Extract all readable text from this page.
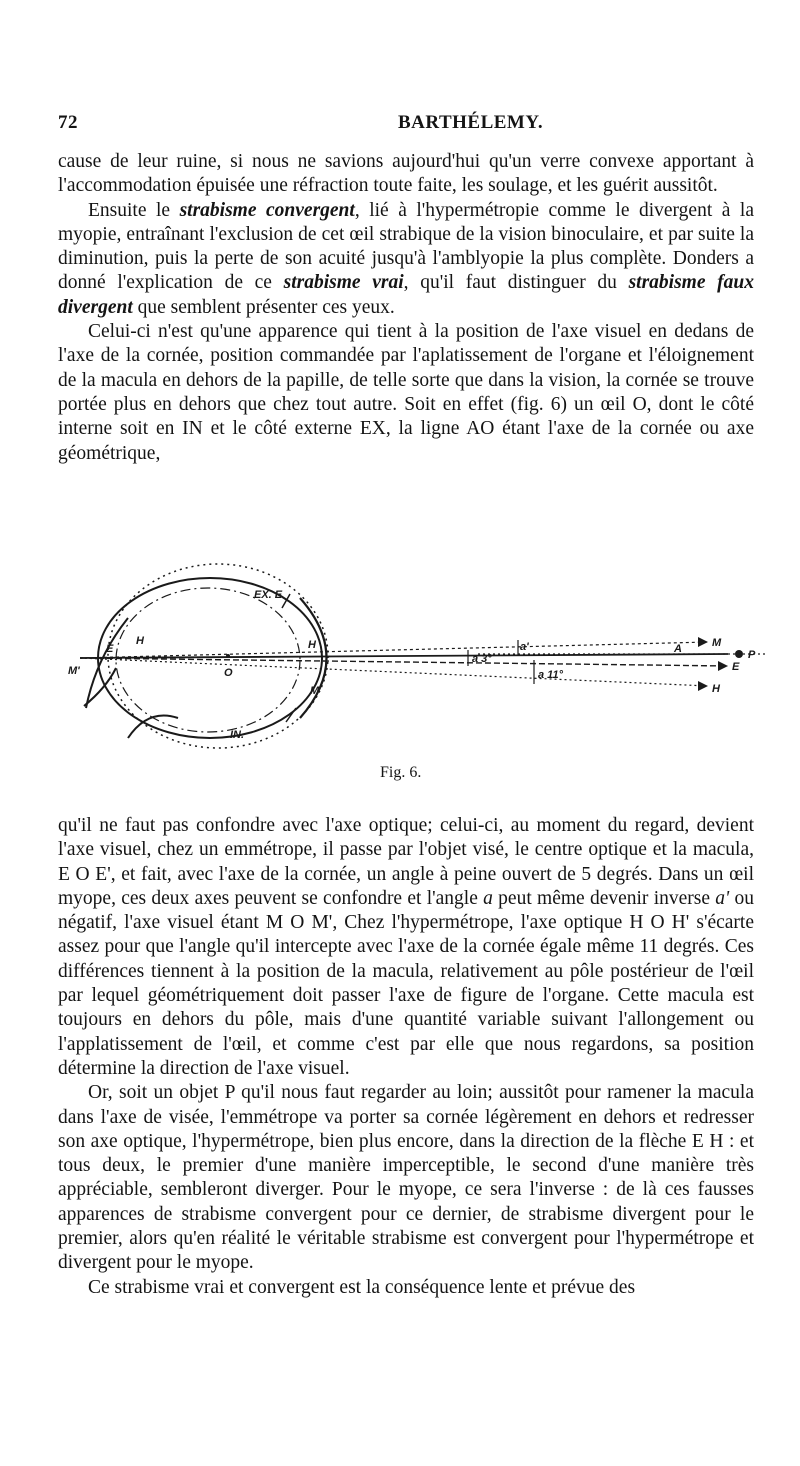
72	BARTHÉLEMY.

cause de leur ruine, si nous ne savions aujourd'hui qu'un verre convexe apportant à l'accommodation épuisée une réfraction toute faite, les soulage, et les guérit aussitôt.

Ensuite le strabisme convergent, lié à l'hypermétropie comme le divergent à la myopie, entraînant l'exclusion de cet œil strabique de la vision binoculaire, et par suite la diminution, puis la perte de son acuité jusqu'à l'amblyopie la plus complète. Donders a donné l'explication de ce strabisme vrai, qu'il faut distinguer du strabisme faux divergent que semblent présenter ces yeux.

Celui-ci n'est qu'une apparence qui tient à la position de l'axe visuel en dedans de l'axe de la cornée, position commandée par l'aplatissement de l'organe et l'éloignement de la macula en dehors de la papille, de telle sorte que dans la vision, la cornée se trouve portée plus en dehors que chez tout autre. Soit en effet (fig. 6) un œil O, dont le côté interne soit en IN et le côté externe EX, la ligne AO étant l'axe de la cornée ou axe géométrique,

EX. E
E
H
M'	O
H
M
IN.
a'
a 3°
a 11°
M
A
E
H
P
Fig. 6.

qu'il ne faut pas confondre avec l'axe optique; celui-ci, au moment du regard, devient l'axe visuel, chez un emmétrope, il passe par l'objet visé, le centre optique et la macula, E O E', et fait, avec l'axe de la cornée, un angle à peine ouvert de 5 degrés. Dans un œil myope, ces deux axes peuvent se confondre et l'angle a peut même devenir inverse a' ou négatif, l'axe visuel étant M O M', Chez l'hypermétrope, l'axe optique H O H' s'écarte assez pour que l'angle qu'il intercepte avec l'axe de la cornée égale même 11 degrés. Ces différences tiennent à la position de la macula, relativement au pôle postérieur de l'œil par lequel géométriquement doit passer l'axe de figure de l'organe. Cette macula est toujours en dehors du pôle, mais d'une quantité variable suivant l'allongement ou l'applatissement de l'œil, et comme c'est par elle que nous regardons, sa position détermine la direction de l'axe visuel.

Or, soit un objet P qu'il nous faut regarder au loin; aussitôt pour ramener la macula dans l'axe de visée, l'emmétrope va porter sa cornée légèrement en dehors et redresser son axe optique, l'hypermétrope, bien plus encore, dans la direction de la flèche E H : et tous deux, le premier d'une manière imperceptible, le second d'une manière très appréciable, sembleront diverger. Pour le myope, ce sera l'inverse : de là ces fausses apparences de strabisme convergent pour ce dernier, de strabisme divergent pour le premier, alors qu'en réalité le véritable strabisme est convergent pour l'hypermétrope et divergent pour le myope.

Ce strabisme vrai et convergent est la conséquence lente et prévue des
